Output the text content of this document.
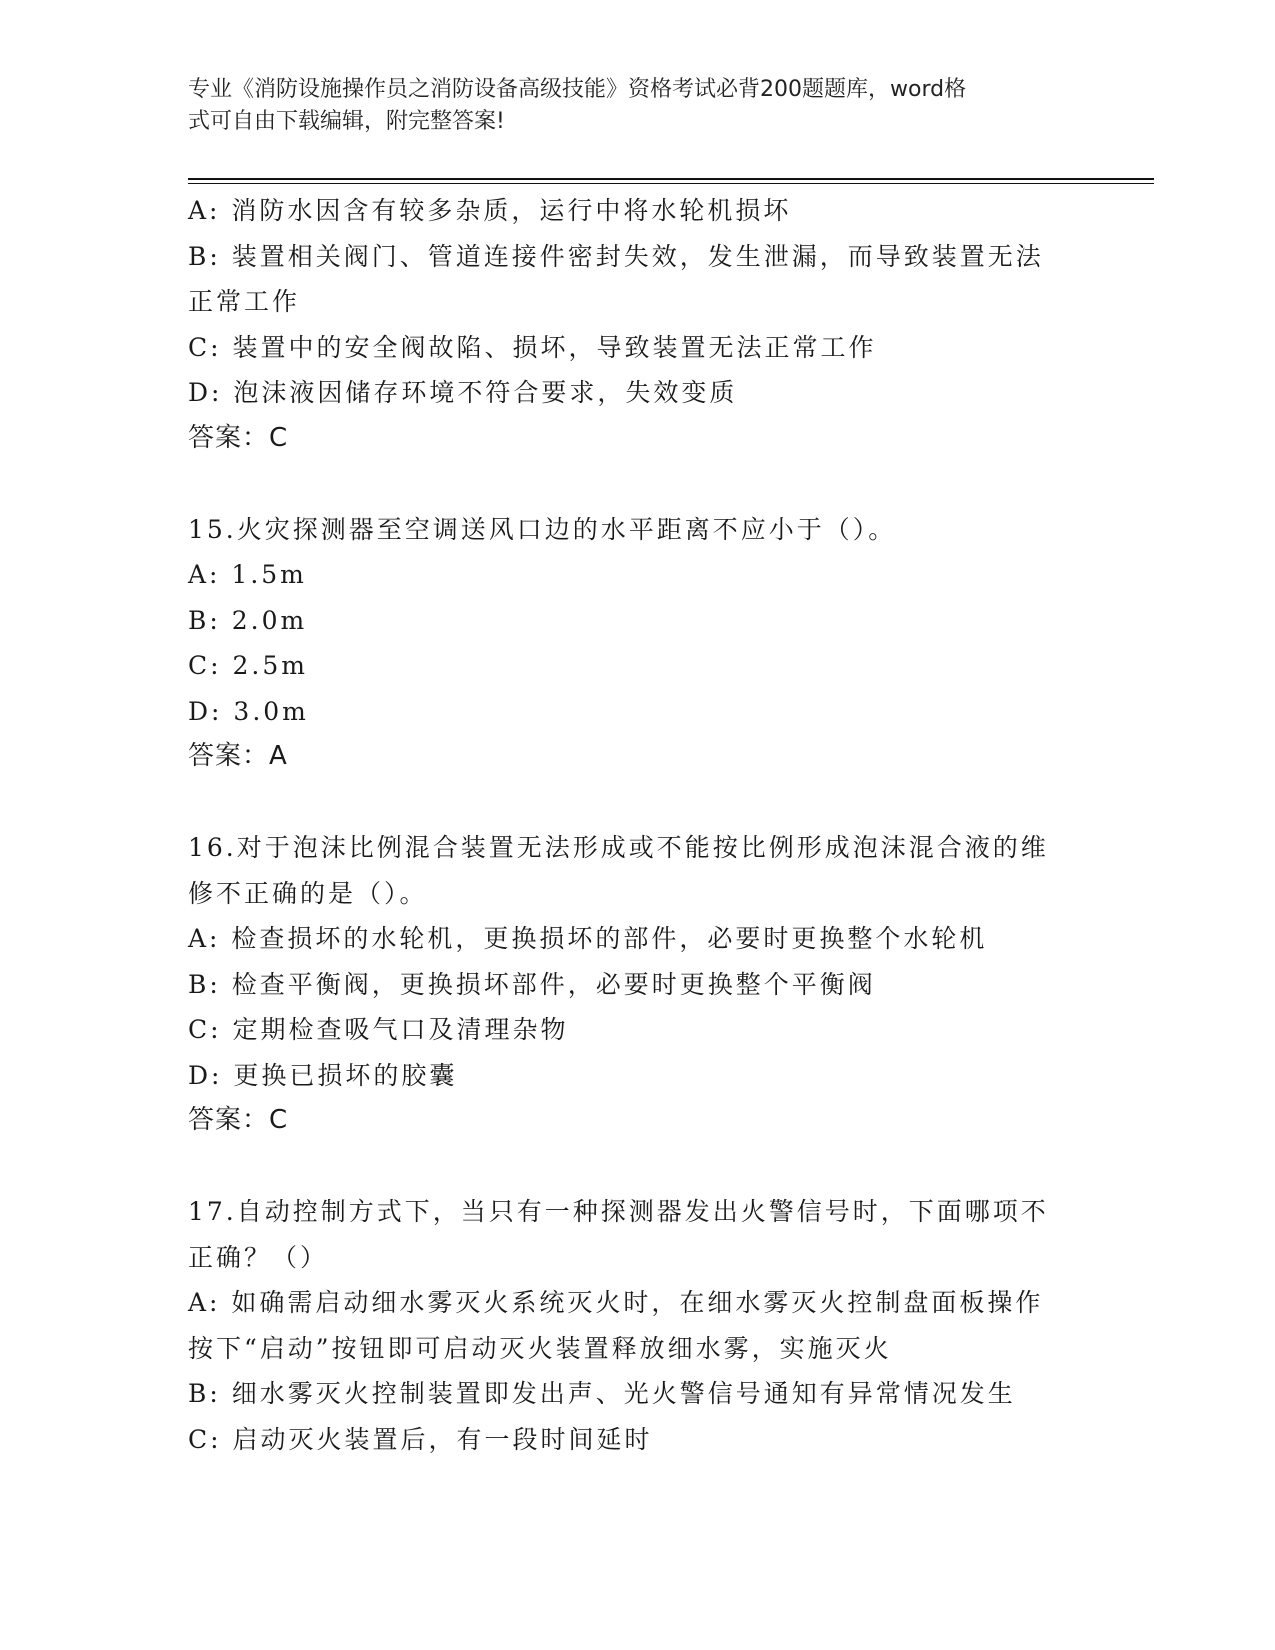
专业《消防设施操作员之消防设备高级技能》资格考试必背200题题库，word格
式可自由下载编辑，附完整答案!
A: 消防水因含有较多杂质，运行中将水轮机损坏
B: 装置相关阀门、管道连接件密封失效，发生泄漏，而导致装置无法
正常工作
C: 装置中的安全阀故陷、损坏，导致装置无法正常工作
D: 泡沫液因储存环境不符合要求，失效变质
答案：C
15.火灾探测器至空调送风口边的水平距离不应小于（）。
A: 1.5m
B: 2.0m
C: 2.5m
D: 3.0m
答案：A
16.对于泡沫比例混合装置无法形成或不能按比例形成泡沫混合液的维
修不正确的是（）。
A: 检查损坏的水轮机，更换损坏的部件，必要时更换整个水轮机
B: 检查平衡阀，更换损坏部件，必要时更换整个平衡阀
C: 定期检查吸气口及清理杂物
D: 更换已损坏的胶囊
答案：C
17.自动控制方式下，当只有一种探测器发出火警信号时，下面哪项不
正确？（）
A: 如确需启动细水雾灭火系统灭火时，在细水雾灭火控制盘面板操作
按下“启动”按钮即可启动灭火装置释放细水雾，实施灭火
B: 细水雾灭火控制装置即发出声、光火警信号通知有异常情况发生
C: 启动灭火装置后，有一段时间延时
